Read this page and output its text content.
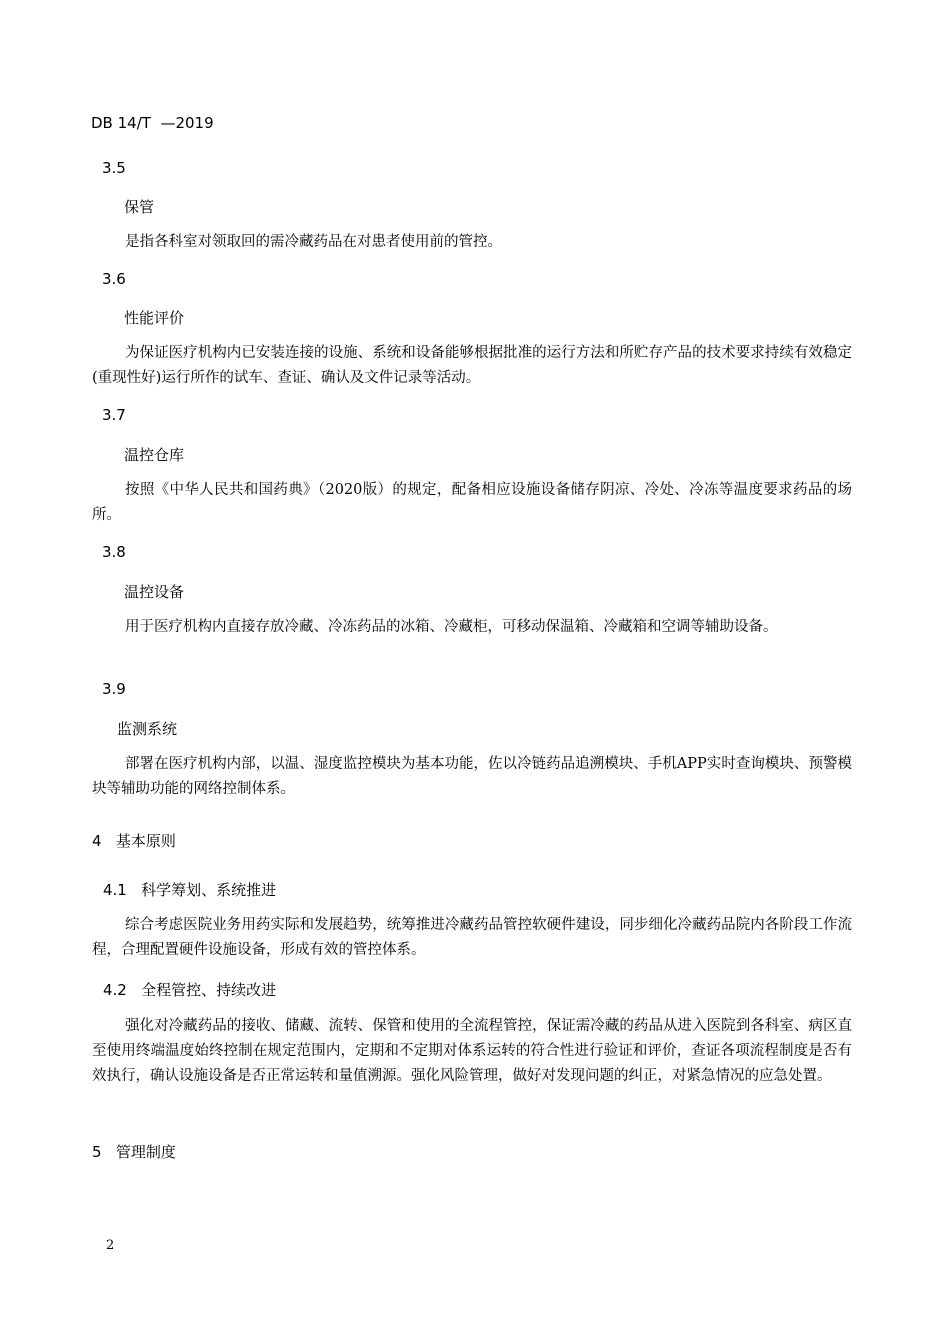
DB 14/T  —2019
3.5
保管

是指各科室对领取回的需冷藏药品在对患者使用前的管控。

3.6
性能评价

为保证医疗机构内已安装连接的设施、系统和设备能够根据批准的运行方法和所贮存产品的技术要求持续有效稳定(重现性好)运行所作的试车、查证、确认及文件记录等活动。

3.7
温控仓库

按照《中华人民共和国药典》（2020版）的规定，配备相应设施设备储存阴凉、冷处、冷冻等温度要求药品的场所。

3.8
温控设备

用于医疗机构内直接存放冷藏、冷冻药品的冰箱、冷藏柜，可移动保温箱、冷藏箱和空调等辅助设备。

3.9
监测系统

部署在医疗机构内部，以温、湿度监控模块为基本功能，佐以冷链药品追溯模块、手机APP实时查询模块、预警模块等辅助功能的网络控制体系。

4   基本原则
4.1   科学筹划、系统推进

综合考虑医院业务用药实际和发展趋势，统筹推进冷藏药品管控软硬件建设，同步细化冷藏药品院内各阶段工作流程，合理配置硬件设施设备，形成有效的管控体系。

4.2   全程管控、持续改进

强化对冷藏药品的接收、储藏、流转、保管和使用的全流程管控，保证需冷藏的药品从进入医院到各科室、病区直至使用终端温度始终控制在规定范围内，定期和不定期对体系运转的符合性进行验证和评价，查证各项流程制度是否有效执行，确认设施设备是否正常运转和量值溯源。强化风险管理，做好对发现问题的纠正，对紧急情况的应急处置。

5   管理制度
2
